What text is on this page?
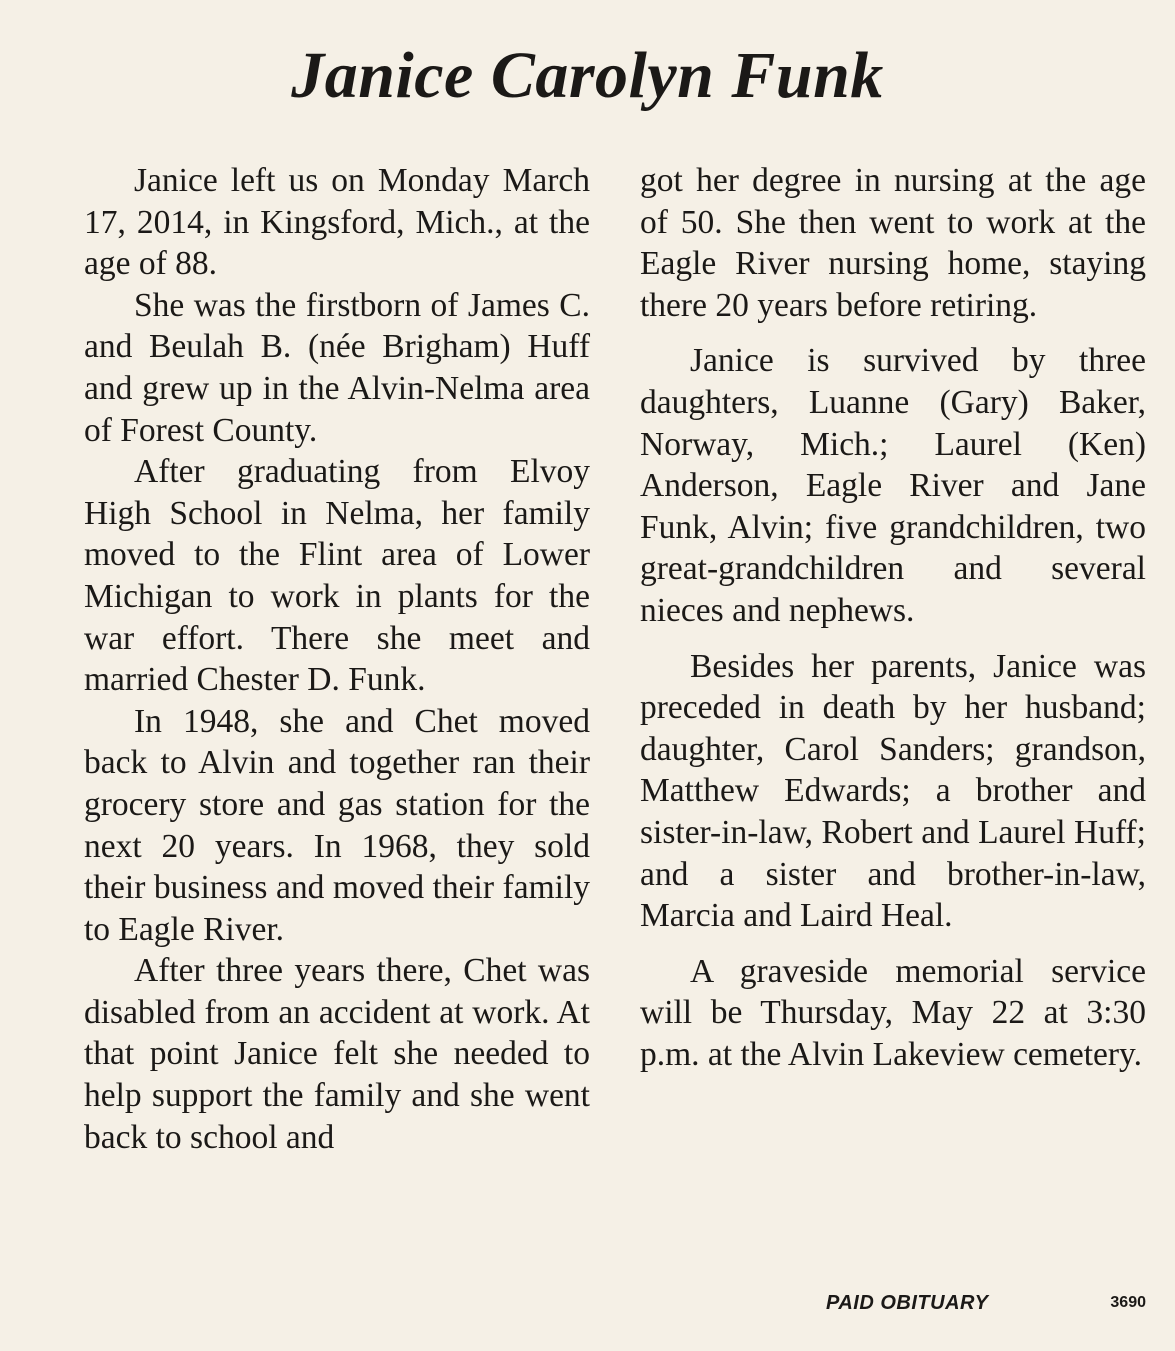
Janice Carolyn Funk

Janice left us on Monday March 17, 2014, in Kingsford, Mich., at the age of 88.

She was the firstborn of James C. and Beulah B. (née Brigham) Huff and grew up in the Alvin-Nelma area of Forest County.

After graduating from Elvoy High School in Nelma, her family moved to the Flint area of Lower Michigan to work in plants for the war effort. There she meet and married Chester D. Funk.

In 1948, she and Chet moved back to Alvin and together ran their grocery store and gas station for the next 20 years. In 1968, they sold their business and moved their family to Eagle River.

After three years there, Chet was disabled from an accident at work. At that point Janice felt she needed to help support the family and she went back to school and

got her degree in nursing at the age of 50. She then went to work at the Eagle River nursing home, staying there 20 years before retiring.

Janice is survived by three daughters, Luanne (Gary) Baker, Norway, Mich.; Laurel (Ken) Anderson, Eagle River and Jane Funk, Alvin; five grandchildren, two great-grandchildren and several nieces and nephews.

Besides her parents, Janice was preceded in death by her husband; daughter, Carol Sanders; grandson, Matthew Edwards; a brother and sister-in-law, Robert and Laurel Huff; and a sister and brother-in-law, Marcia and Laird Heal.

A graveside memorial service will be Thursday, May 22 at 3:30 p.m. at the Alvin Lakeview cemetery.

PAID OBITUARY	3690
